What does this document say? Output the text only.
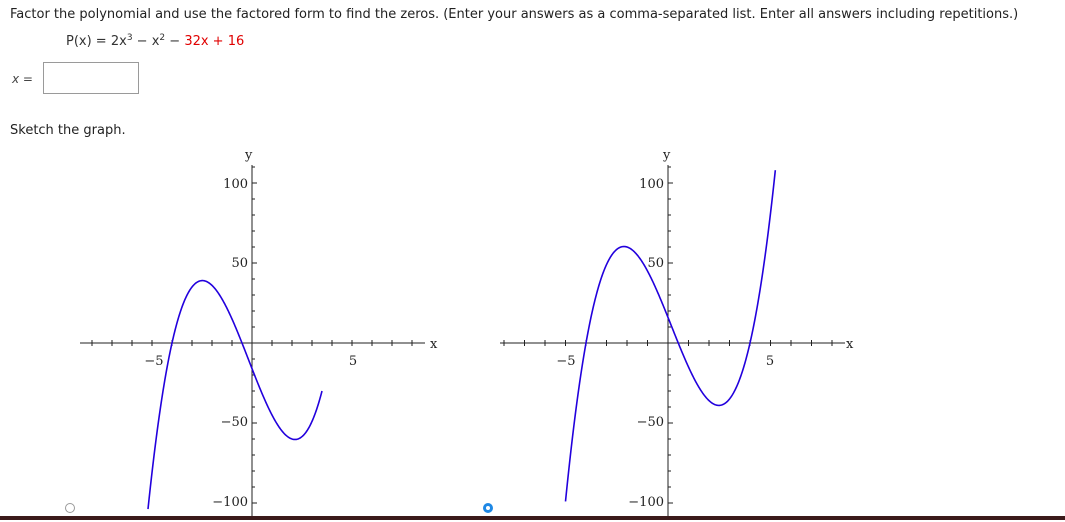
Factor the polynomial and use the factored form to find the zeros. (Enter your answers as a comma-separated list. Enter all answers including repetitions.)
$P(x) = 2x^3 - x^2 - 32x + 16$
x =
Sketch the graph.
y
x
100
50
−50
−100
−5	5
y
x
100
50
−50
−100
−5	5
